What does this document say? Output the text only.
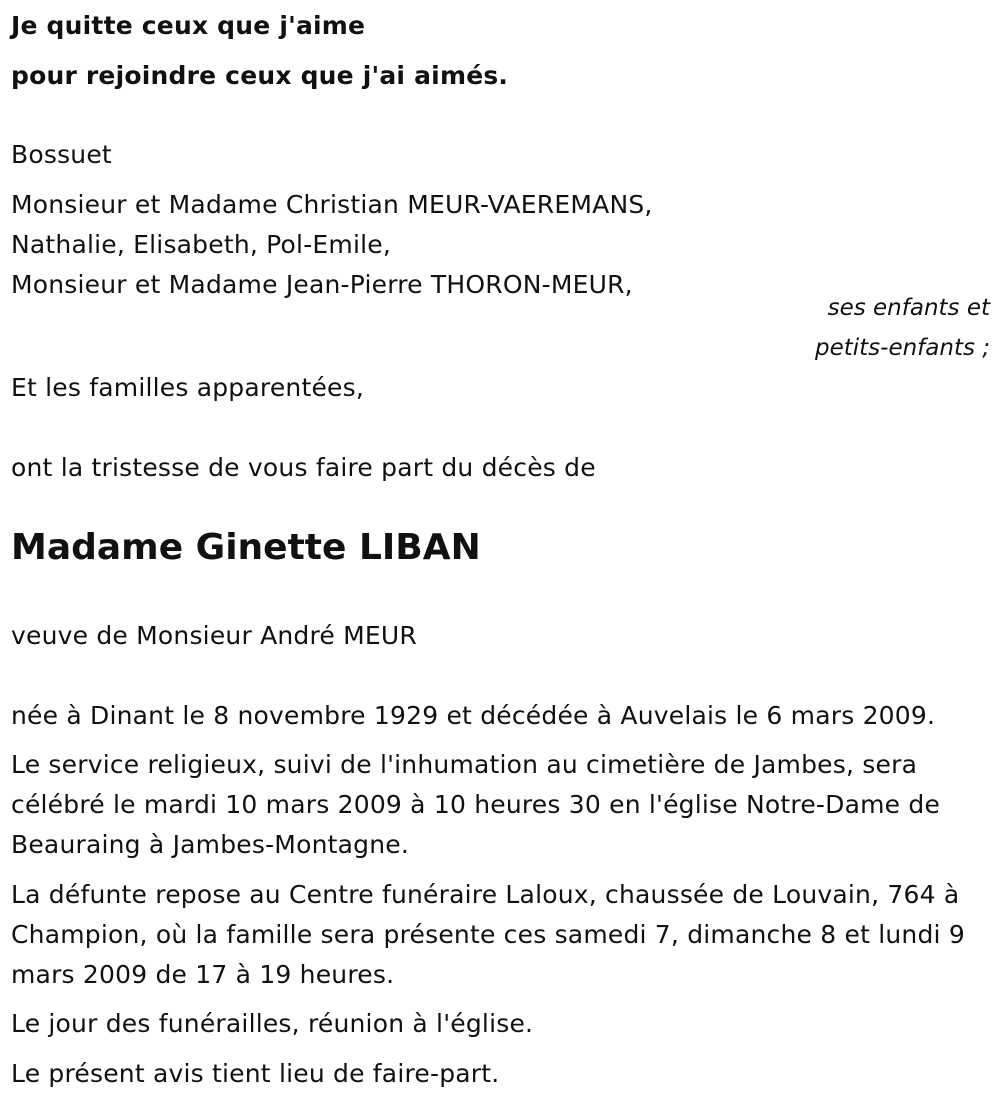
Je quitte ceux que j'aime
pour rejoindre ceux que j'ai aimés.
Bossuet
Monsieur et Madame Christian MEUR-VAEREMANS,
Nathalie, Elisabeth, Pol-Emile,
Monsieur et Madame Jean-Pierre THORON-MEUR,
ses enfants et
petits-enfants ;
Et les familles apparentées,
ont la tristesse de vous faire part du décès de
Madame Ginette LIBAN
veuve de Monsieur André MEUR
née à Dinant le 8 novembre 1929 et décédée à Auvelais le 6 mars 2009.
Le service religieux, suivi de l'inhumation au cimetière de Jambes, sera célébré le mardi 10 mars 2009 à 10 heures 30 en l'église Notre-Dame de Beauraing à Jambes-Montagne.
La défunte repose au Centre funéraire Laloux, chaussée de Louvain, 764 à Champion, où la famille sera présente ces samedi 7, dimanche 8 et lundi 9 mars 2009 de 17 à 19 heures.
Le jour des funérailles, réunion à l'église.
Le présent avis tient lieu de faire-part.
